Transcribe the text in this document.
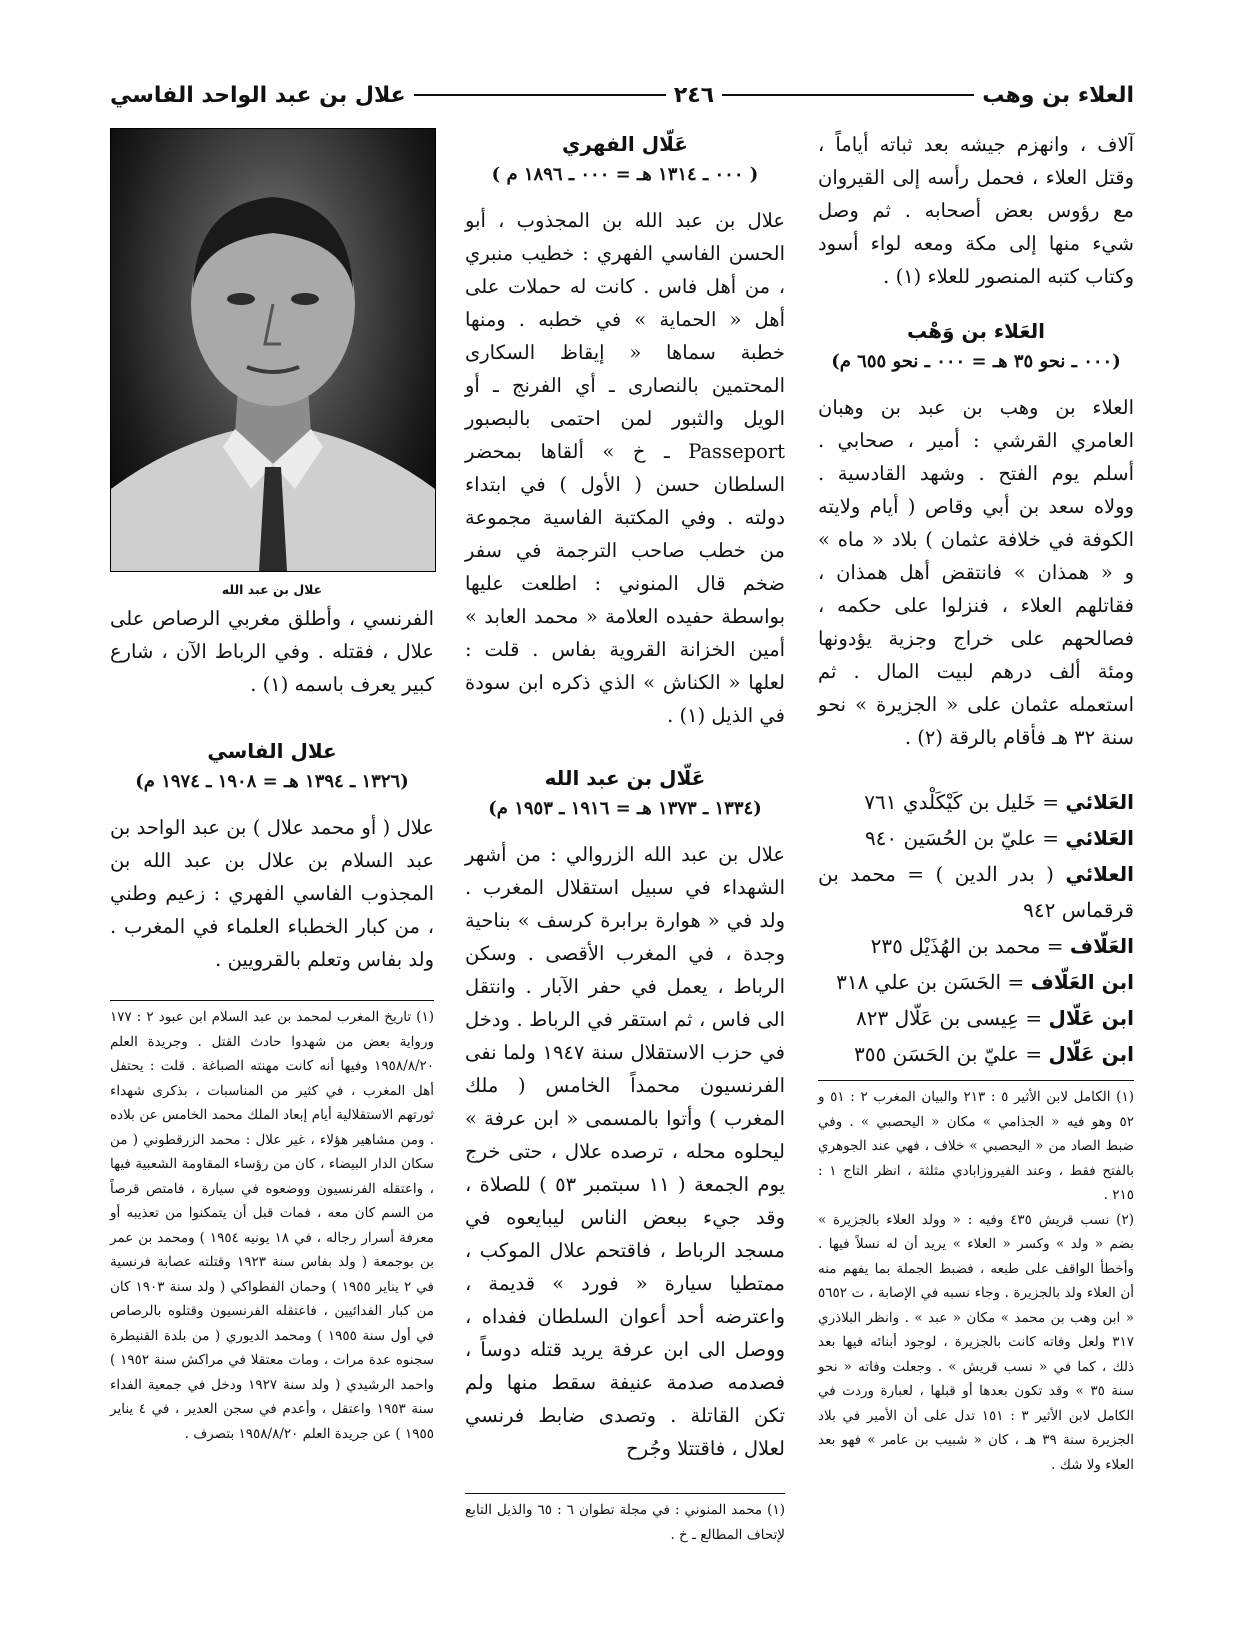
العلاء بن وهب
٢٤٦
علال بن عبد الواحد الفاسي

آلاف ، وانهزم جيشه بعد ثباته أياماً ، وقتل العلاء ، فحمل رأسه إلى القيروان مع رؤوس بعض أصحابه . ثم وصل شيء منها إلى مكة ومعه لواء أسود وكتاب كتبه المنصور للعلاء (١) .

العَلاء بن وَهْب

(٠٠٠ ـ نحو ٣٥ هـ = ٠٠٠ ـ نحو ٦٥٥ م)

العلاء بن وهب بن عبد بن وهبان العامري القرشي : أمير ، صحابي . أسلم يوم الفتح . وشهد القادسية . وولاه سعد بن أبي وقاص ( أيام ولايته الكوفة في خلافة عثمان ) بلاد « ماه » و « همذان » فانتقض أهل همذان ، فقاتلهم العلاء ، فنزلوا على حكمه ، فصالحهم على خراج وجزية يؤدونها ومئة ألف درهم لبيت المال . ثم استعمله عثمان على « الجزيرة » نحو سنة ٣٢ هـ فأقام بالرقة (٢) .

العَلائي = خَليل بن كَيْكَلْدي ٧٦١
العَلائي = عليّ بن الحُسَين ٩٤٠
العلائي ( بدر الدين ) = محمد بن قرقماس ٩٤٢
العَلّاف = محمد بن الهُذَيْل ٢٣٥
ابن العَلّاف = الحَسَن بن علي ٣١٨
ابن عَلّال = عِيسى بن عَلّال ٨٢٣
ابن عَلّال = عليّ بن الحَسَن ٣٥٥

(١) الكامل لابن الأثير ٥ : ٢١٣ والبيان المغرب ٢ : ٥١ و ٥٢ وهو فيه « الجذامي » مكان « اليحصبي » . وفي ضبط الصاد من « اليحصبي » خلاف ، فهي عند الجوهري بالفتح فقط ، وعند الفيروزابادي مثلثة ، انظر التاج ١ : ٢١٥ .

(٢) نسب قريش ٤٣٥ وفيه : « وولد العلاء بالجزيرة » بضم « ولد » وكسر « العلاء » يريد أن له نسلاً فيها . وأخطأ الواقف على طبعه ، فضبط الجملة بما يفهم منه أن العلاء ولد بالجزيرة . وجاء نسبه في الإصابة ، ت ٥٦٥٢ « ابن وهب بن محمد » مكان « عبد » . وانظر البلاذري ٣١٧ ولعل وفاته كانت بالجزيرة ، لوجود أبنائه فيها بعد ذلك ، كما في « نسب قريش » . وجعلت وفاته « نحو سنة ٣٥ » وقد تكون بعدها أو قبلها ، لعبارة وردت في الكامل لابن الأثير ٣ : ١٥١ تدل على أن الأمير في بلاد الجزيرة سنة ٣٩ هـ ، كان « شبيب بن عامر » فهو بعد العلاء ولا شك .

عَلّال الفهري

( ٠٠٠ ـ ١٣١٤ هـ = ٠٠٠ ـ ١٨٩٦ م )

علال بن عبد الله بن المجذوب ، أبو الحسن الفاسي الفهري : خطيب منبري ، من أهل فاس . كانت له حملات على أهل « الحماية » في خطبه . ومنها خطبة سماها « إيقاظ السكارى المحتمين بالنصارى ـ أي الفرنج ـ أو الويل والثبور لمن احتمى بالبصبور Passeport ـ خ » ألقاها بمحضر السلطان حسن ( الأول ) في ابتداء دولته . وفي المكتبة الفاسية مجموعة من خطب صاحب الترجمة في سفر ضخم قال المنوني : اطلعت عليها بواسطة حفيده العلامة « محمد العابد » أمين الخزانة القروية بفاس . قلت : لعلها « الكناش » الذي ذكره ابن سودة في الذيل (١) .

عَلّال بن عبد الله

(١٣٣٤ ـ ١٣٧٣ هـ = ١٩١٦ ـ ١٩٥٣ م)

علال بن عبد الله الزروالي : من أشهر الشهداء في سبيل استقلال المغرب . ولد في « هوارة برابرة كرسف » بناحية وجدة ، في المغرب الأقصى . وسكن الرباط ، يعمل في حفر الآبار . وانتقل الى فاس ، ثم استقر في الرباط . ودخل في حزب الاستقلال سنة ١٩٤٧ ولما نفى الفرنسيون محمداً الخامس ( ملك المغرب ) وأتوا بالمسمى « ابن عرفة » ليحلوه محله ، ترصده علال ، حتى خرج يوم الجمعة ( ١١ سبتمبر ٥٣ ) للصلاة ، وقد جيء ببعض الناس ليبايعوه في مسجد الرباط ، فاقتحم علال الموكب ، ممتطيا سيارة « فورد » قديمة ، واعترضه أحد أعوان السلطان ففداه ، ووصل الى ابن عرفة يريد قتله دوساً ، فصدمه صدمة عنيفة سقط منها ولم تكن القاتلة . وتصدى ضابط فرنسي لعلال ، فاقتتلا وجُرح

(١) محمد المنوني : في مجلة تطوان ٦ : ٦٥ والذيل التابع لإتحاف المطالع ـ خ .

علال بن عبد الله

الفرنسي ، وأطلق مغربي الرصاص على علال ، فقتله . وفي الرباط الآن ، شارع كبير يعرف باسمه (١) .

علال الفاسي

(١٣٢٦ ـ ١٣٩٤ هـ = ١٩٠٨ ـ ١٩٧٤ م)

علال ( أو محمد علال ) بن عبد الواحد بن عبد السلام بن علال بن عبد الله بن المجذوب الفاسي الفهري : زعيم وطني ، من كبار الخطباء العلماء في المغرب . ولد بفاس وتعلم بالقرويين .

(١) تاريخ المغرب لمحمد بن عبد السلام ابن عبود ٢ : ١٧٧ ورواية بعض من شهدوا حادث القتل . وجريدة العلم ١٩٥٨/٨/٢٠ وفيها أنه كانت مهنته الصباغة . قلت : يحتفل أهل المغرب ، في كثير من المناسبات ، بذكرى شهداء ثورتهم الاستقلالية أيام إبعاد الملك محمد الخامس عن بلاده . ومن مشاهير هؤلاء ، غير علال : محمد الزرقطوني ( من سكان الدار البيضاء ، كان من رؤساء المقاومة الشعبية فيها ، واعتقله الفرنسيون ووضعوه في سيارة ، فامتص قرصاً من السم كان معه ، فمات قبل أن يتمكنوا من تعذيبه أو معرفة أسرار رجاله ، في ١٨ يونيه ١٩٥٤ ) ومحمد بن عمر بن بوجمعة ( ولد بفاس سنة ١٩٢٣ وقتلته عصابة فرنسية في ٢ يناير ١٩٥٥ ) وحمان الفطواكي ( ولد سنة ١٩٠٣ كان من كبار الفدائيين ، فاعتقله الفرنسيون وقتلوه بالرصاص في أول سنة ١٩٥٥ ) ومحمد الديوري ( من بلدة القنيطرة سجنوه عدة مرات ، ومات معتقلا في مراكش سنة ١٩٥٢ ) واحمد الرشيدي ( ولد سنة ١٩٢٧ ودخل في جمعية الفداء سنة ١٩٥٣ واعتقل ، وأعدم في سجن العدير ، في ٤ يناير ١٩٥٥ ) عن جريدة العلم ١٩٥٨/٨/٢٠ بتصرف .
